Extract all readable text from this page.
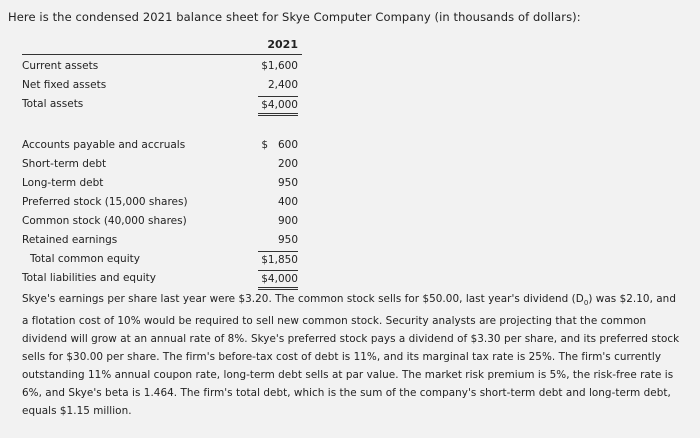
Here is the condensed 2021 balance sheet for Skye Computer Company (in thousands of dollars):
2021
Current assets	$1,600
Net fixed assets	2,400
Total assets	$4,000
Accounts payable and accruals	$ 600
Short-term debt	200
Long-term debt	950
Preferred stock (15,000 shares)	400
Common stock (40,000 shares)	900
Retained earnings	950
Total common equity	$1,850
Total liabilities and equity	$4,000
Skye's earnings per share last year were $3.20. The common stock sells for $50.00, last year's dividend $(D_0)$ was $2.10, and a flotation cost of 10% would be required to sell new common stock. Security analysts are projecting that the common dividend will grow at an annual rate of 8%. Skye's preferred stock pays a dividend of $3.30 per share, and its preferred stock sells for $30.00 per share. The firm's before-tax cost of debt is 11%, and its marginal tax rate is 25%. The firm's currently outstanding 11% annual coupon rate, long-term debt sells at par value. The market risk premium is 5%, the risk-free rate is 6%, and Skye's beta is 1.464. The firm's total debt, which is the sum of the company's short-term debt and long-term debt, equals $1.15 million.
